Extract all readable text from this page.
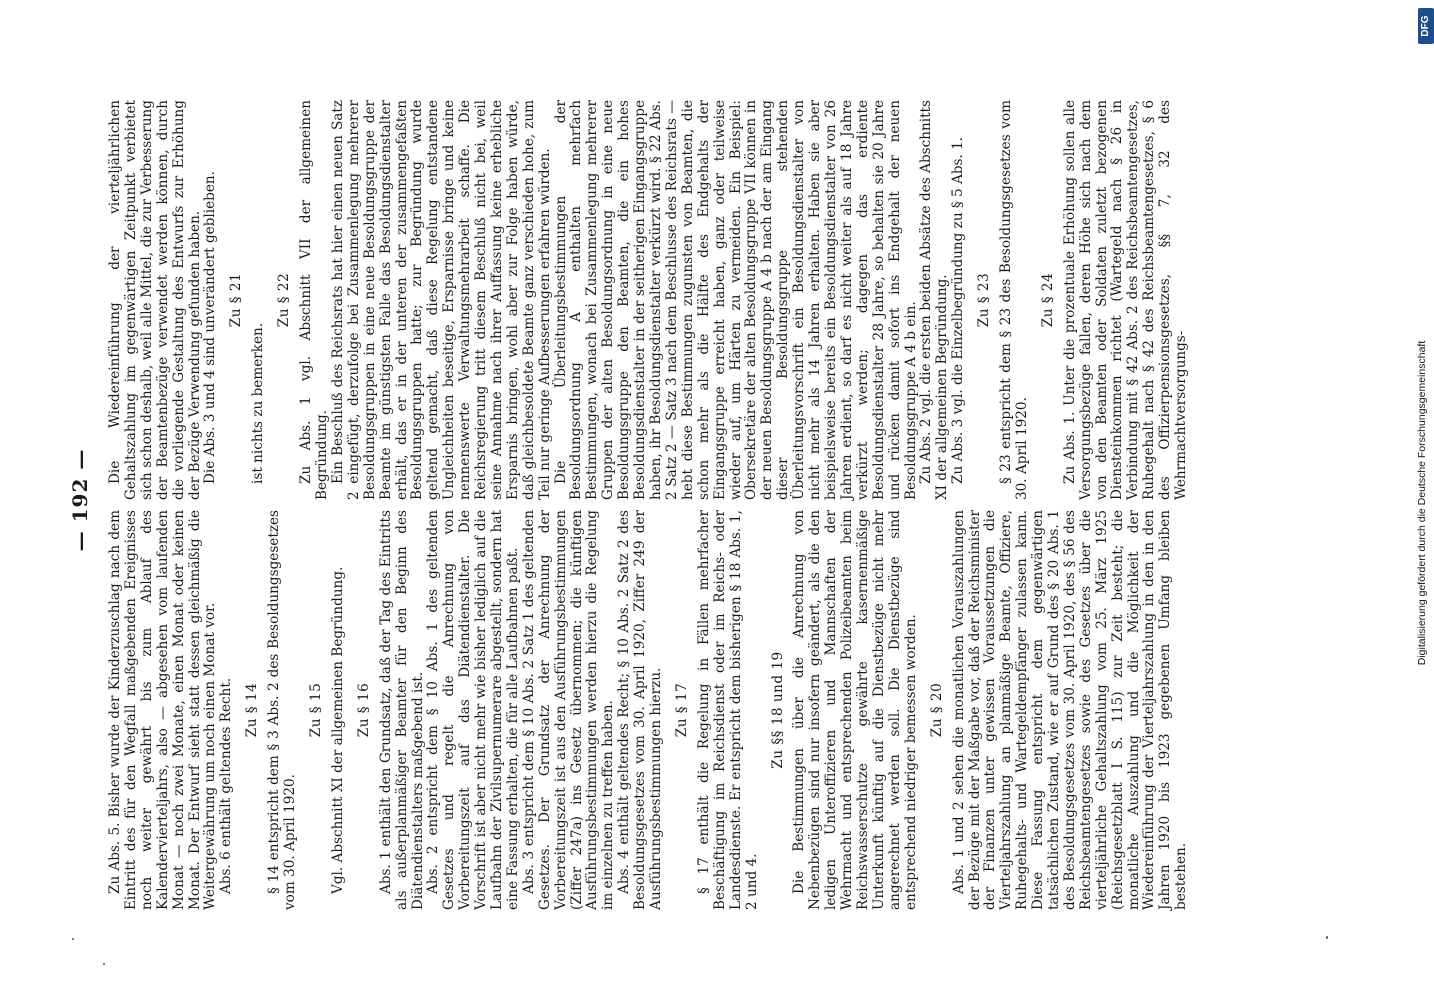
— 192 —

Zu Abs. 5. Bisher wurde der Kinderzuschlag nach dem Eintritt des für den Wegfall maßgebenden Ereignisses noch weiter gewährt bis zum Ablauf des Kalendervierteljahrs, also — abgesehen vom laufenden Monat — noch zwei Monate, einen Monat oder keinen Monat. Der Entwurf sieht statt dessen gleichmäßig die Weitergewährung um noch einen Monat vor. Abs. 6 enthält geltendes Recht. Zu § 14 § 14 entspricht dem § 3 Abs. 2 des Besoldungsgesetzes vom 30. April 1920.

Zu § 15 Vgl. Abschnitt XI der allgemeinen Begründung. Zu § 16 Abs. 1 enthält den Grundsatz, daß der Tag des Eintritts als außerplanmäßiger Beamter für den Beginn des Diätendienstalters maßgebend ist. Abs. 2 entspricht dem § 10 Abs. 1 des geltenden Gesetzes und regelt die Anrechnung von Vorbereitungszeit auf das Diätendienstalter. Die Vorschrift ist aber nicht mehr wie bisher lediglich auf die Laufbahn der Zivilsupernumerare abgestellt, sondern hat eine Fassung erhalten, die für alle Laufbahnen paßt. Abs. 3 entspricht dem § 10 Abs. 2 Satz 1 des geltenden Gesetzes. Der Grundsatz der Anrechnung der Vorbereitungszeit ist aus den Ausführungsbestimmungen (Ziffer 247a) ins Gesetz übernommen; die künftigen Ausführungsbestimmungen werden hierzu die Regelung im einzelnen zu treffen haben. Abs. 4 enthält geltendes Recht; § 10 Abs. 2 Satz 2 des Besoldungsgesetzes vom 30. April 1920, Ziffer 249 der Ausführungsbestimmungen hierzu. Zu § 17 § 17 enthält die Regelung in Fällen mehrfacher Beschäftigung im Reichsdienst oder im Reichs- oder Landesdienste. Er entspricht dem bisherigen § 18 Abs. 1, 2 und 4.

Zu §§ 18 und 19 Die Bestimmungen über die Anrechnung von Nebenbezügen sind nur insofern geändert, als die den ledigen Unteroffizieren und Mannschaften der Wehrmacht und entsprechenden Polizeibeamten beim Reichswasserschutze gewährte kasernenmäßige Unterkunft künftig auf die Dienstbezüge nicht mehr angerechnet werden soll. Die Dienstbezüge sind entsprechend niedriger bemessen worden. Zu § 20 Abs. 1 und 2 sehen die monatlichen Vorauszahlungen der Bezüge mit der Maßgabe vor, daß der Reichsminister der Finanzen unter gewissen Voraussetzungen die Vierteljahrszahlung an planmäßige Beamte, Offiziere, Ruhegehalts- und Wartegeldempfänger zulassen kann. Diese Fassung entspricht dem gegenwärtigen tatsächlichen Zustand, wie er auf Grund des § 20 Abs. 1 des Besoldungsgesetzes vom 30. April 1920, des § 56 des Reichsbeamtengesetzes sowie des Gesetzes über die vierteljährliche Gehaltszahlung vom 25. März 1925 (Reichsgesetzblatt I S. 115) zur Zeit besteht; die monatliche Auszahlung und die Möglichkeit der Wiedereinführung der Vierteljahrszahlung in den in den Jahren 1920 bis 1923 gegebenen Umfang bleiben bestehen.

Die Wiedereinführung der vierteljährlichen Gehaltszahlung im gegenwärtigen Zeitpunkt verbietet sich schon deshalb, weil alle Mittel, die zur Verbesserung der Beamtenbezüge verwendet werden können, durch die vorliegende Gestaltung des Entwurfs zur Erhöhung der Bezüge Verwendung gefunden haben. Die Abs. 3 und 4 sind unverändert geblieben. Zu § 21

ist nichts zu bemerken.

Zu § 22 Zu Abs. 1 vgl. Abschnitt VII der allgemeinen Begründung. Ein Beschluß des Reichsrats hat hier einen neuen Satz 2 eingefügt, derzufolge bei Zusammenlegung mehrerer Besoldungsgruppen in eine neue Besoldungsgruppe der Beamte im günstigsten Falle das Besoldungsdienstalter erhält, das er in der unteren der zusammengefaßten Besoldungsgruppen hatte; zur Begründung wurde geltend gemacht, daß diese Regelung entstandene Ungleichheiten beseitige, Ersparnisse bringe und keine nennenswerte Verwaltungsmehrarbeit schaffe. Die Reichsregierung tritt diesem Beschluß nicht bei, weil seine Annahme nach ihrer Auffassung keine erhebliche Ersparnis bringen, wohl aber zur Folge haben würde, daß gleichbesoldete Beamte ganz verschieden hohe, zum Teil nur geringe Aufbesserungen erfahren würden. Die Überleitungsbestimmungen der Besoldungsordnung A enthalten mehrfach Bestimmungen, wonach bei Zusammenlegung mehrerer Gruppen der alten Besoldungsordnung in eine neue Besoldungsgruppe den Beamten, die ein hohes Besoldungsdienstalter in der seitherigen Eingangsgruppe haben, ihr Besoldungsdienstalter verkürzt wird. § 22 Abs. 2 Satz 2 — Satz 3 nach dem Beschlusse des Reichsrats — hebt diese Bestimmungen zugunsten von Beamten, die schon mehr als die Hälfte des Endgehalts der Eingangsgruppe erreicht haben, ganz oder teilweise wieder auf, um Härten zu vermeiden. Ein Beispiel: Obersekretäre der alten Besoldungsgruppe VII können in der neuen Besoldungsgruppe A 4 b nach der am Eingang dieser Besoldungsgruppe stehenden Überleitungsvorschrift ein Besoldungsdienstalter von nicht mehr als 14 Jahren erhalten. Haben sie aber beispielsweise bereits ein Besoldungsdienstalter von 26 Jahren erdient, so darf es nicht weiter als auf 18 Jahre verkürzt werden; dagegen das erdiente Besoldungsdienstalter 28 Jahre, so behalten sie 20 Jahre und rücken damit sofort ins Endgehalt der neuen Besoldungsgruppe A 4 b ein. Zu Abs. 2 vgl. die ersten beiden Absätze des Abschnitts XI der allgemeinen Begründung. Zu Abs. 3 vgl. die Einzelbegründung zu § 5 Abs. 1. Zu § 23 § 23 entspricht dem § 23 des Besoldungsgesetzes vom 30. April 1920.

Zu § 24 Zu Abs. 1. Unter die prozentuale Erhöhung sollen alle Versorgungsbezüge fallen, deren Höhe sich nach dem von den Beamten oder Soldaten zuletzt bezogenen Diensteinkommen richtet (Wartegeld nach § 26 in Verbindung mit § 42 Abs. 2 des Reichsbeamtengesetzes, Ruhegehalt nach § 42 des Reichsbeamtengesetzes, § 6 des Offizierpensionsgesetzes, §§ 7, 32 des Wehrmachtversorgungs-

DFG
Digitalisierung gefördert durch die Deutsche Forschungsgemeinschaft
